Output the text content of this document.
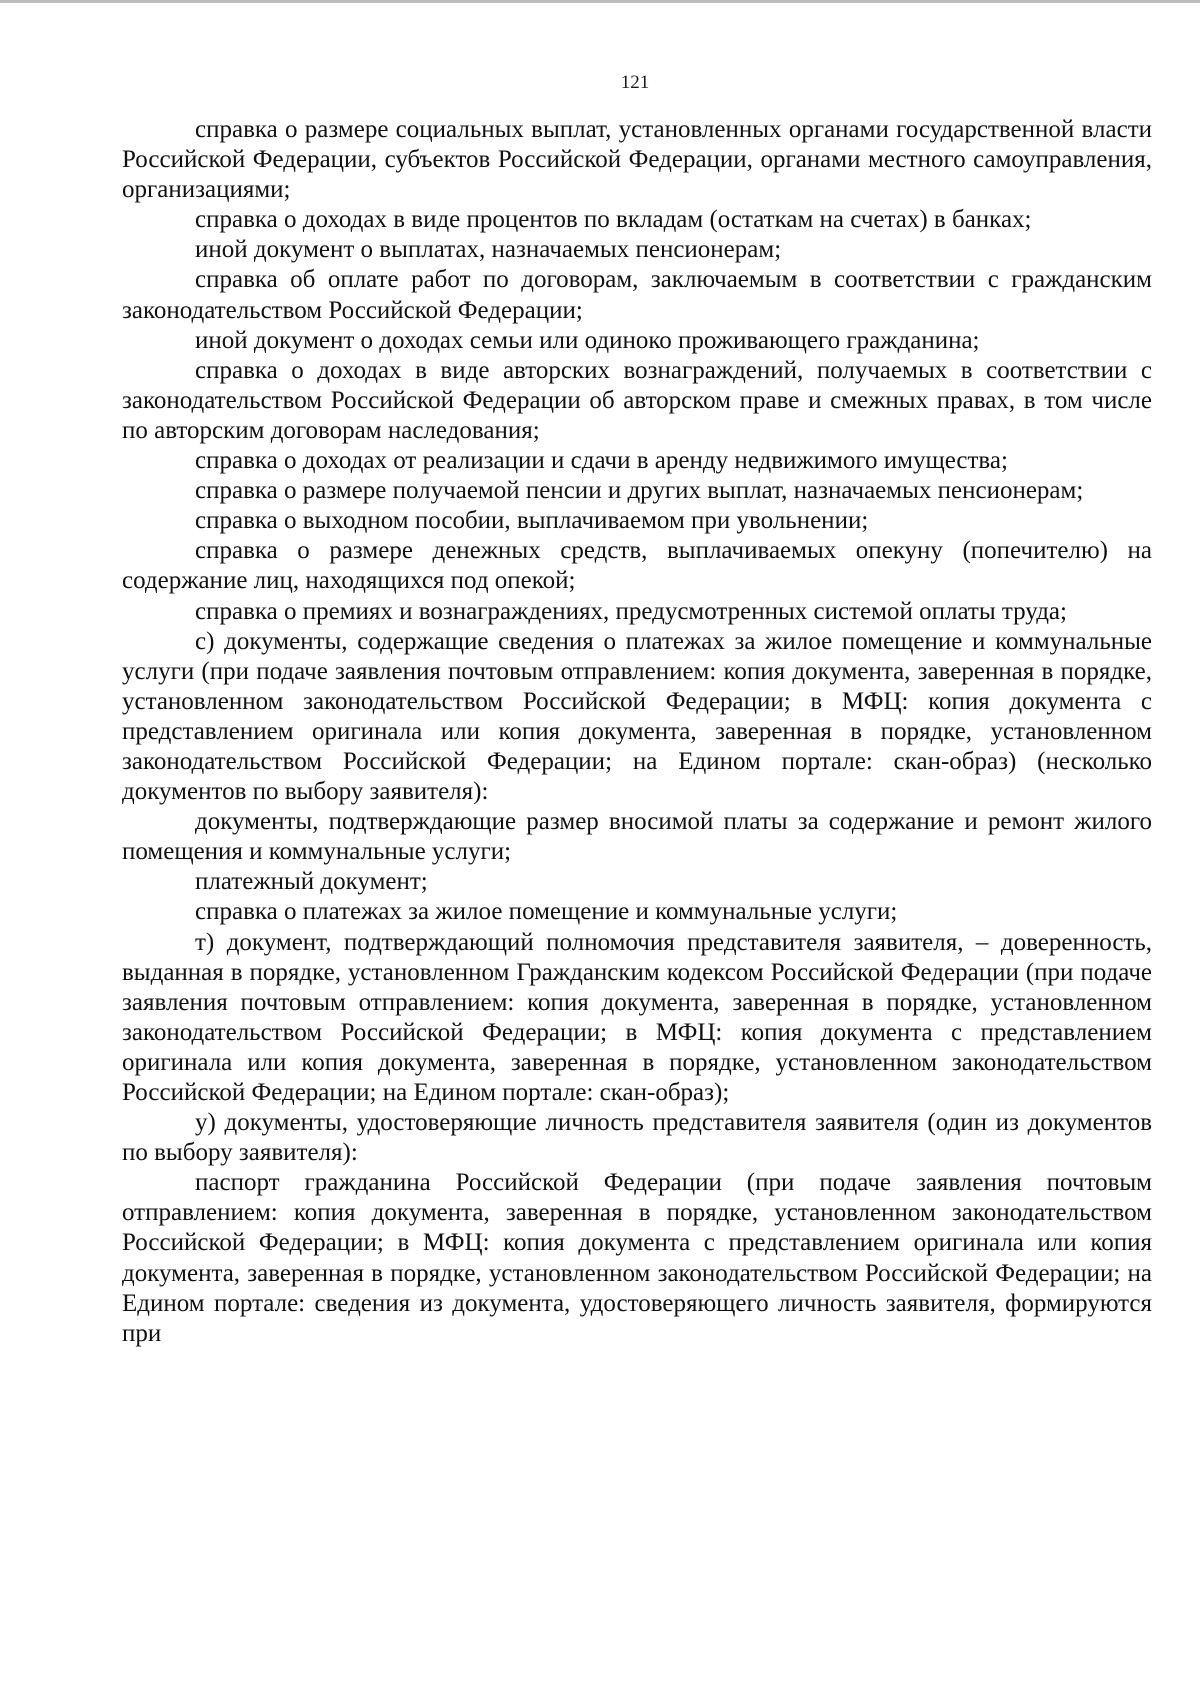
121

справка о размере социальных выплат, установленных органами государственной власти Российской Федерации, субъектов Российской Федерации, органами местного самоуправления, организациями;

справка о доходах в виде процентов по вкладам (остаткам на счетах) в банках;

иной документ о выплатах, назначаемых пенсионерам;

справка об оплате работ по договорам, заключаемым в соответствии с гражданским законодательством Российской Федерации;

иной документ о доходах семьи или одиноко проживающего гражданина;

справка о доходах в виде авторских вознаграждений, получаемых в соответствии с законодательством Российской Федерации об авторском праве и смежных правах, в том числе по авторским договорам наследования;

справка о доходах от реализации и сдачи в аренду недвижимого имущества;

справка о размере получаемой пенсии и других выплат, назначаемых пенсионерам;

справка о выходном пособии, выплачиваемом при увольнении;

справка о размере денежных средств, выплачиваемых опекуну (попечителю) на содержание лиц, находящихся под опекой;

справка о премиях и вознаграждениях, предусмотренных системой оплаты труда;

с) документы, содержащие сведения о платежах за жилое помещение и коммунальные услуги (при подаче заявления почтовым отправлением: копия документа, заверенная в порядке, установленном законодательством Российской Федерации; в МФЦ: копия документа с представлением оригинала или копия документа, заверенная в порядке, установленном законодательством Российской Федерации; на Едином портале: скан-образ) (несколько документов по выбору заявителя):

документы, подтверждающие размер вносимой платы за содержание и ремонт жилого помещения и коммунальные услуги;

платежный документ;

справка о платежах за жилое помещение и коммунальные услуги;

т) документ, подтверждающий полномочия представителя заявителя, – доверенность, выданная в порядке, установленном Гражданским кодексом Российской Федерации (при подаче заявления почтовым отправлением: копия документа, заверенная в порядке, установленном законодательством Российской Федерации; в МФЦ: копия документа с представлением оригинала или копия документа, заверенная в порядке, установленном законодательством Российской Федерации; на Едином портале: скан-образ);

у) документы, удостоверяющие личность представителя заявителя (один из документов по выбору заявителя):

паспорт гражданина Российской Федерации (при подаче заявления почтовым отправлением: копия документа, заверенная в порядке, установленном законодательством Российской Федерации; в МФЦ: копия документа с представлением оригинала или копия документа, заверенная в порядке, установленном законодательством Российской Федерации; на Едином портале: сведения из документа, удостоверяющего личность заявителя, формируются при
